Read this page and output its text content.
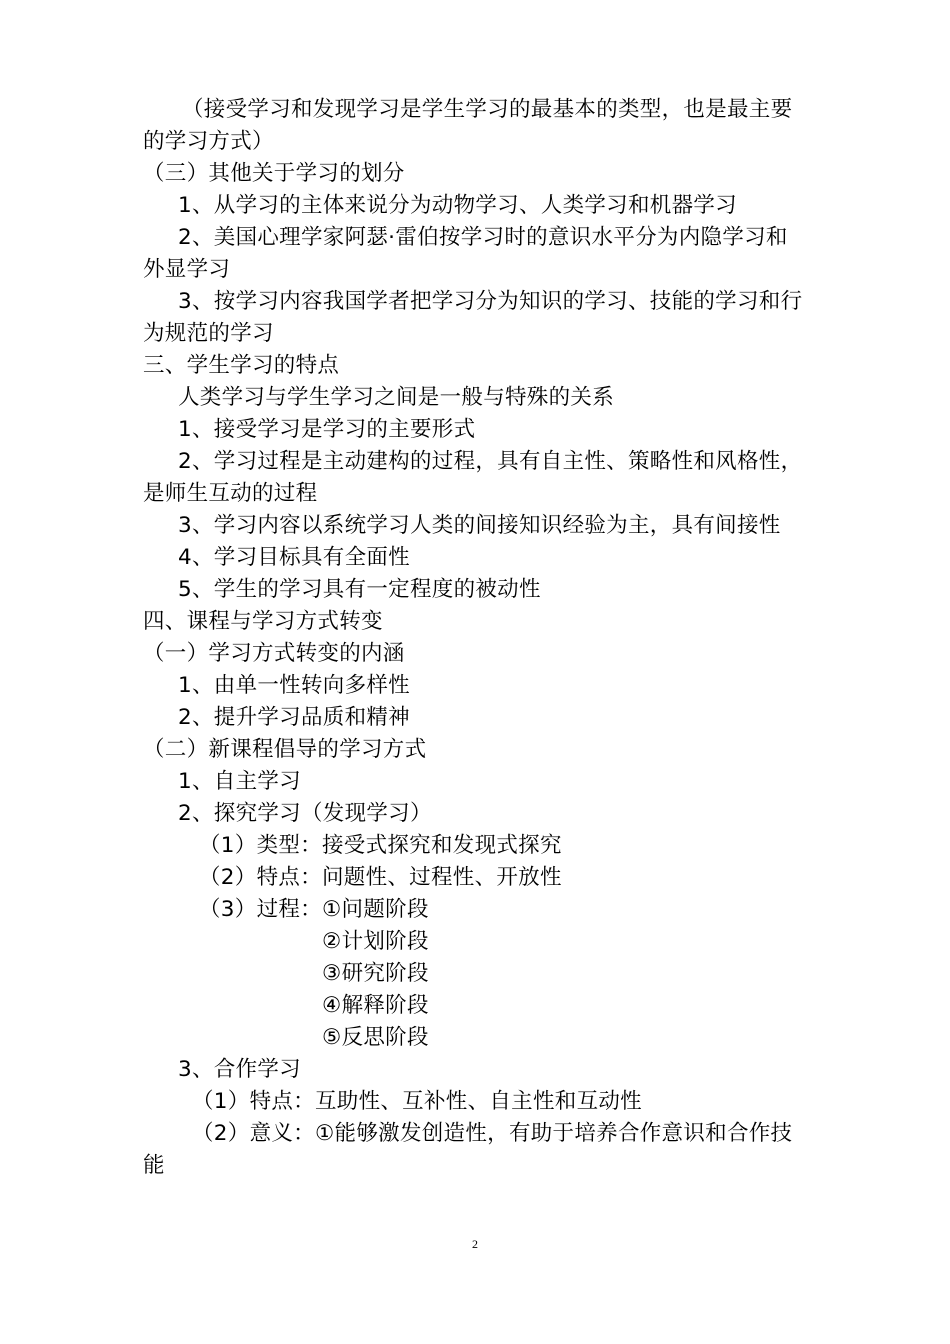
（接受学习和发现学习是学生学习的最基本的类型，也是最主要
的学习方式）
（三）其他关于学习的划分
1、从学习的主体来说分为动物学习、人类学习和机器学习
2、美国心理学家阿瑟·雷伯按学习时的意识水平分为内隐学习和
外显学习
3、按学习内容我国学者把学习分为知识的学习、技能的学习和行
为规范的学习
三、学生学习的特点
人类学习与学生学习之间是一般与特殊的关系
1、接受学习是学习的主要形式
2、学习过程是主动建构的过程，具有自主性、策略性和风格性，
是师生互动的过程
3、学习内容以系统学习人类的间接知识经验为主，具有间接性
4、学习目标具有全面性
5、学生的学习具有一定程度的被动性
四、课程与学习方式转变
（一）学习方式转变的内涵
1、由单一性转向多样性
2、提升学习品质和精神
（二）新课程倡导的学习方式
1、自主学习
2、探究学习（发现学习）
（1）类型：接受式探究和发现式探究
（2）特点：问题性、过程性、开放性
（3）过程：①问题阶段
②计划阶段
③研究阶段
④解释阶段
⑤反思阶段
3、合作学习
（1）特点：互助性、互补性、自主性和互动性
（2）意义：①能够激发创造性，有助于培养合作意识和合作技
能
2
